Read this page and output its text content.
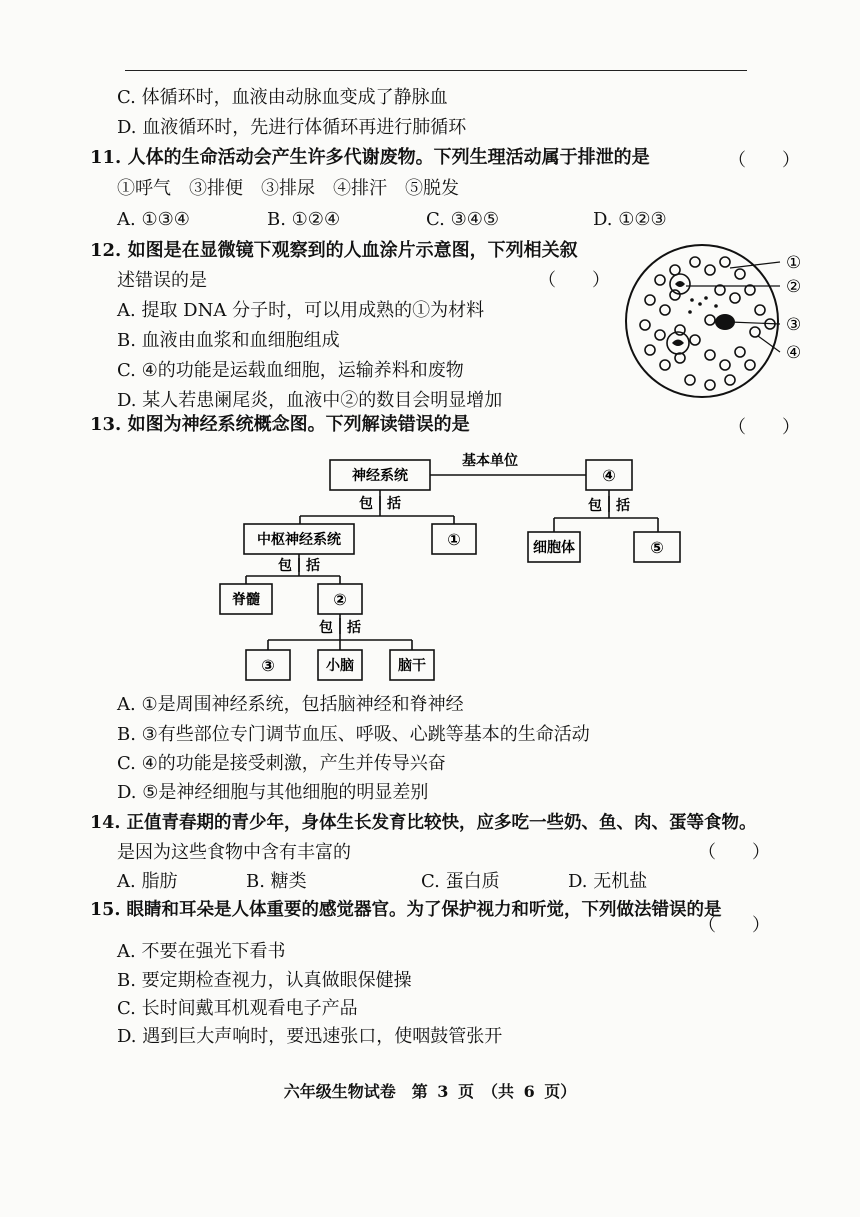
C. 体循环时，血液由动脉血变成了静脉血
D. 血液循环时，先进行体循环再进行肺循环
11. 人体的生命活动会产生许多代谢废物。下列生理活动属于排泄的是	（　　）
①呼气　③排便　③排尿　④排汗　⑤脱发
A. ①③④	B. ①②④	C. ③④⑤	D. ①②③
12. 如图是在显微镜下观察到的人血涂片示意图，下列相关叙
述错误的是	（　　）
A. 提取 DNA 分子时，可以用成熟的①为材料
B. 血液由血浆和血细胞组成
C. ④的功能是运载血细胞，运输养料和废物
D. 某人若患阑尾炎，血液中②的数目会明显增加
①
②
③
④
13. 如图为神经系统概念图。下列解读错误的是	（　　）
神经系统
基本单位
④
包　括	包　括
中枢神经系统	①	细胞体	⑤
包　括
脊髓	②
包　括
③	小脑	脑干
A. ①是周围神经系统，包括脑神经和脊神经
B. ③有些部位专门调节血压、呼吸、心跳等基本的生命活动
C. ④的功能是接受刺激，产生并传导兴奋
D. ⑤是神经细胞与其他细胞的明显差别
14. 正值青春期的青少年，身体生长发育比较快，应多吃一些奶、鱼、肉、蛋等食物。
是因为这些食物中含有丰富的	（　　）
A. 脂肪	B. 糖类	C. 蛋白质	D. 无机盐
15. 眼睛和耳朵是人体重要的感觉器官。为了保护视力和听觉，下列做法错误的是
（　　）
A. 不要在强光下看书
B. 要定期检查视力，认真做眼保健操
C. 长时间戴耳机观看电子产品
D. 遇到巨大声响时，要迅速张口，使咽鼓管张开
六年级生物试卷　第 3 页　（共 6 页）
